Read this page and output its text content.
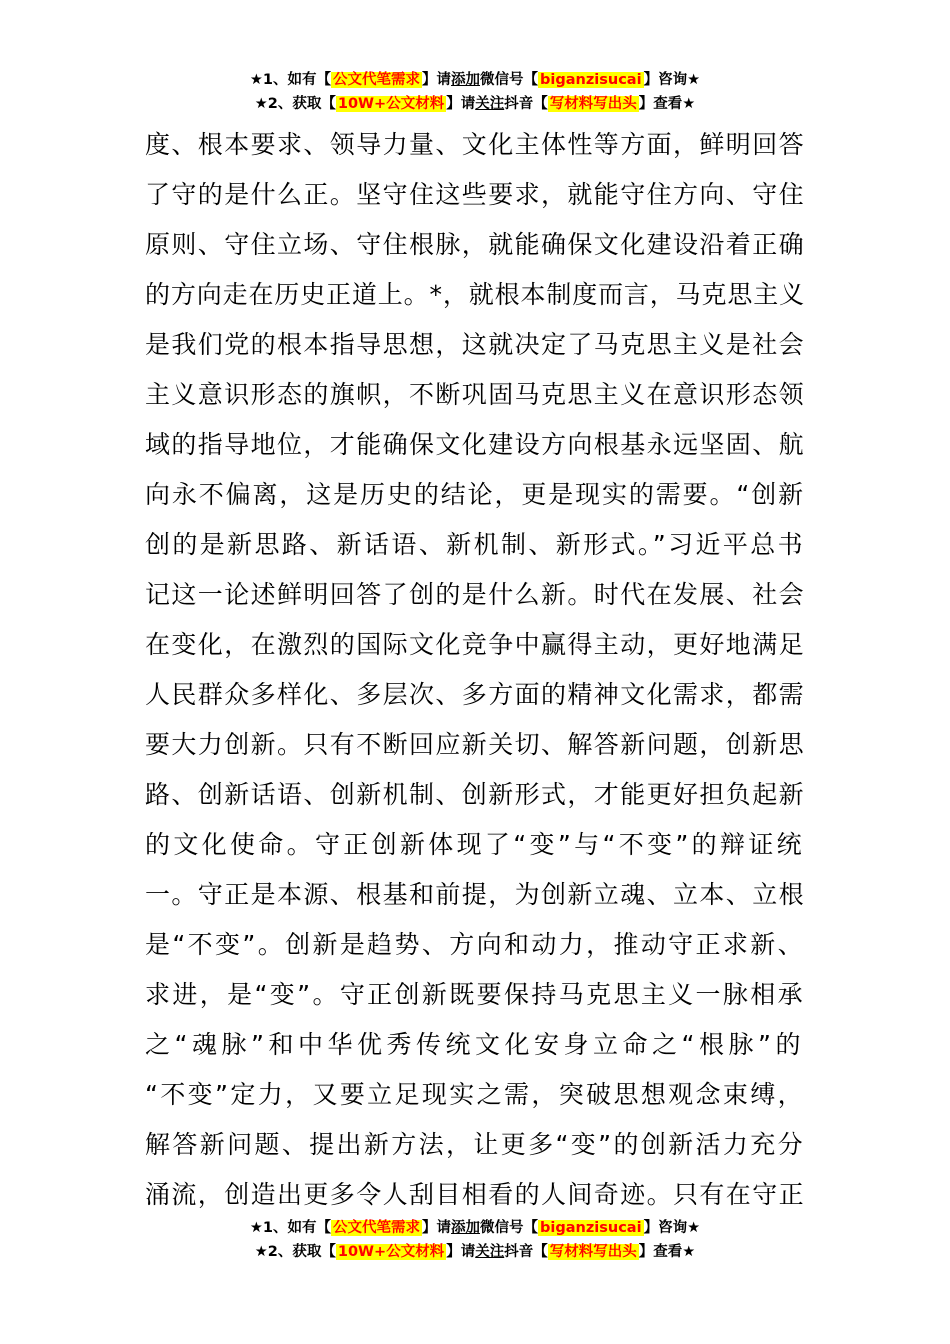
★1、如有【 公文代笔需求 】请添加微信号【 biganzisucai 】咨询★
★2、获取【 10W+公文材料 】请关注抖音【 写材料写出头 】查看★
度、根本要求、领导力量、文化主体性等方面，鲜明回答
了守的是什么正。坚守住这些要求，就能守住方向、守住
原则、守住立场、守住根脉，就能确保文化建设沿着正确
的方向走在历史正道上。*，就根本制度而言，马克思主义
是我们党的根本指导思想，这就决定了马克思主义是社会
主义意识形态的旗帜，不断巩固马克思主义在意识形态领
域的指导地位，才能确保文化建设方向根基永远坚固、航
向永不偏离，这是历史的结论，更是现实的需要。“创新
创的是新思路、新话语、新机制、新形式。”习近平总书
记这一论述鲜明回答了创的是什么新。时代在发展、社会
在变化，在激烈的国际文化竞争中赢得主动，更好地满足
人民群众多样化、多层次、多方面的精神文化需求，都需
要大力创新。只有不断回应新关切、解答新问题，创新思
路、创新话语、创新机制、创新形式，才能更好担负起新
的文化使命。守正创新体现了“变”与“不变”的辩证统
一。守正是本源、根基和前提，为创新立魂、立本、立根
是“不变”。创新是趋势、方向和动力，推动守正求新、
求进，是“变”。守正创新既要保持马克思主义一脉相承
之“魂脉”和中华优秀传统文化安身立命之“根脉”的
“不变”定力，又要立足现实之需，突破思想观念束缚，
解答新问题、提出新方法，让更多“变”的创新活力充分
涌流，创造出更多令人刮目相看的人间奇迹。只有在守正
★1、如有【 公文代笔需求 】请添加微信号【 biganzisucai 】咨询★
★2、获取【 10W+公文材料 】请关注抖音【 写材料写出头 】查看★
